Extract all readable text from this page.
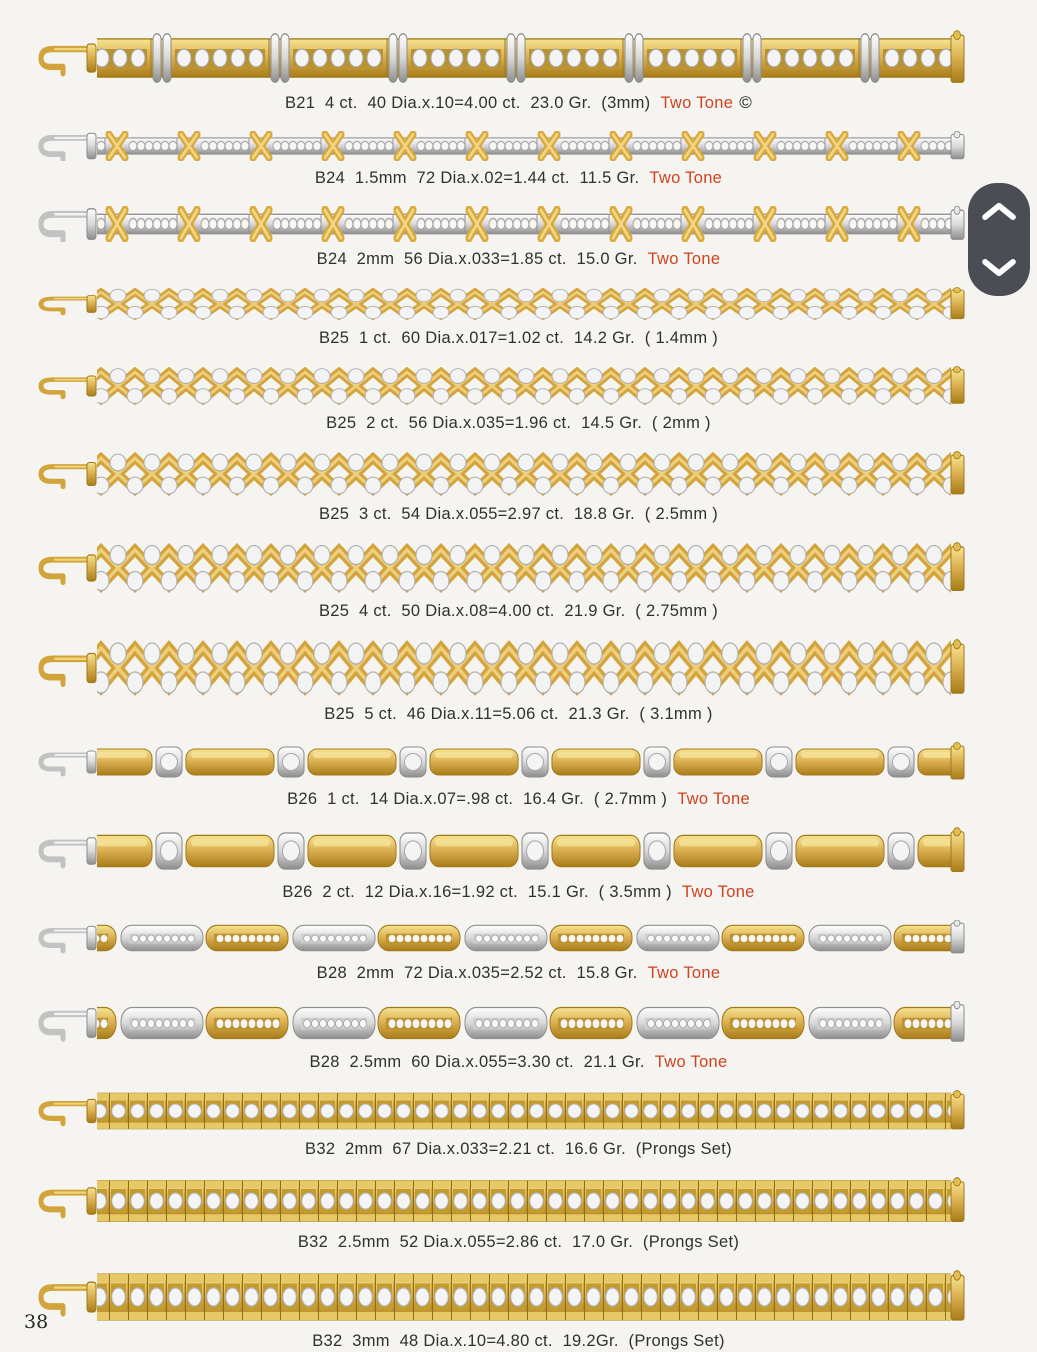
B21  4 ct.  40 Dia.x.10=4.00 ct.  23.0 Gr.  (3mm) Two Tone ©
B24  1.5mm  72 Dia.x.02=1.44 ct.  11.5 Gr. Two Tone
B24  2mm  56 Dia.x.033=1.85 ct.  15.0 Gr. Two Tone
B25  1 ct.  60 Dia.x.017=1.02 ct.  14.2 Gr.  ( 1.4mm )
B25  2 ct.  56 Dia.x.035=1.96 ct.  14.5 Gr.  ( 2mm )
B25  3 ct.  54 Dia.x.055=2.97 ct.  18.8 Gr.  ( 2.5mm )
B25  4 ct.  50 Dia.x.08=4.00 ct.  21.9 Gr.  ( 2.75mm )
B25  5 ct.  46 Dia.x.11=5.06 ct.  21.3 Gr.  ( 3.1mm )
B26  1 ct.  14 Dia.x.07=.98 ct.  16.4 Gr.  ( 2.7mm ) Two Tone
B26  2 ct.  12 Dia.x.16=1.92 ct.  15.1 Gr.  ( 3.5mm ) Two Tone
B28  2mm  72 Dia.x.035=2.52 ct.  15.8 Gr. Two Tone
B28  2.5mm  60 Dia.x.055=3.30 ct.  21.1 Gr. Two Tone
B32  2mm  67 Dia.x.033=2.21 ct.  16.6 Gr.  (Prongs Set)
B32  2.5mm  52 Dia.x.055=2.86 ct.  17.0 Gr.  (Prongs Set)
B32  3mm  48 Dia.x.10=4.80 ct.  19.2Gr.  (Prongs Set)
38
